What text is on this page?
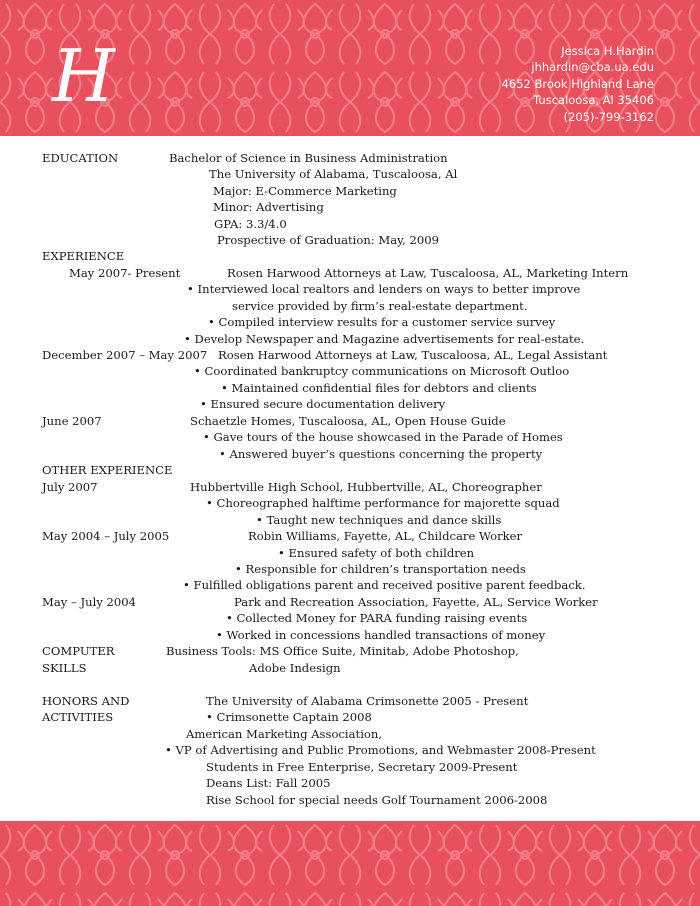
H	Jessica H.Hardin
jhhardin@cba.ua.edu
4652 Brook Highland Lane
Tuscaloosa, Al 35406
(205)-799-3162
EDUCATION	Bachelor of Science in Business Administration
The University of Alabama, Tuscaloosa, Al
Major: E-Commerce Marketing
Minor: Advertising
GPA: 3.3/4.0
Prospective of Graduation: May, 2009
EXPERIENCE
May 2007- Present	Rosen Harwood Attorneys at Law, Tuscaloosa, AL, Marketing Intern
• Interviewed local realtors and lenders on ways to better improve
service provided by firm’s real-estate department.
• Compiled interview results for a customer service survey
• Develop Newspaper and Magazine advertisements for real-estate.
December 2007 – May 2007 Rosen Harwood Attorneys at Law, Tuscaloosa, AL, Legal Assistant
• Coordinated bankruptcy communications on Microsoft Outloo
• Maintained confidential files for debtors and clients
• Ensured secure documentation delivery
June 2007	Schaetzle Homes, Tuscaloosa, AL, Open House Guide
• Gave tours of the house showcased in the Parade of Homes
• Answered buyer’s questions concerning the property
OTHER EXPERIENCE
July 2007	Hubbertville High School, Hubbertville, AL, Choreographer
• Choreographed halftime performance for majorette squad
• Taught new techniques and dance skills
May 2004 – July 2005	Robin Williams, Fayette, AL, Childcare Worker
• Ensured safety of both children
• Responsible for children’s transportation needs
• Fulfilled obligations parent and received positive parent feedback.
May – July 2004	Park and Recreation Association, Fayette, AL, Service Worker
• Collected Money for PARA funding raising events
• Worked in concessions handled transactions of money
COMPUTER	Business Tools: MS Office Suite, Minitab, Adobe Photoshop,
SKILLS	Adobe Indesign
HONORS AND	The University of Alabama Crimsonette 2005 - Present
ACTIVITIES	• Crimsonette Captain 2008
American Marketing Association,
• VP of Advertising and Public Promotions, and Webmaster 2008-Present
Students in Free Enterprise, Secretary 2009-Present
Deans List: Fall 2005
Rise School for special needs Golf Tournament 2006-2008
